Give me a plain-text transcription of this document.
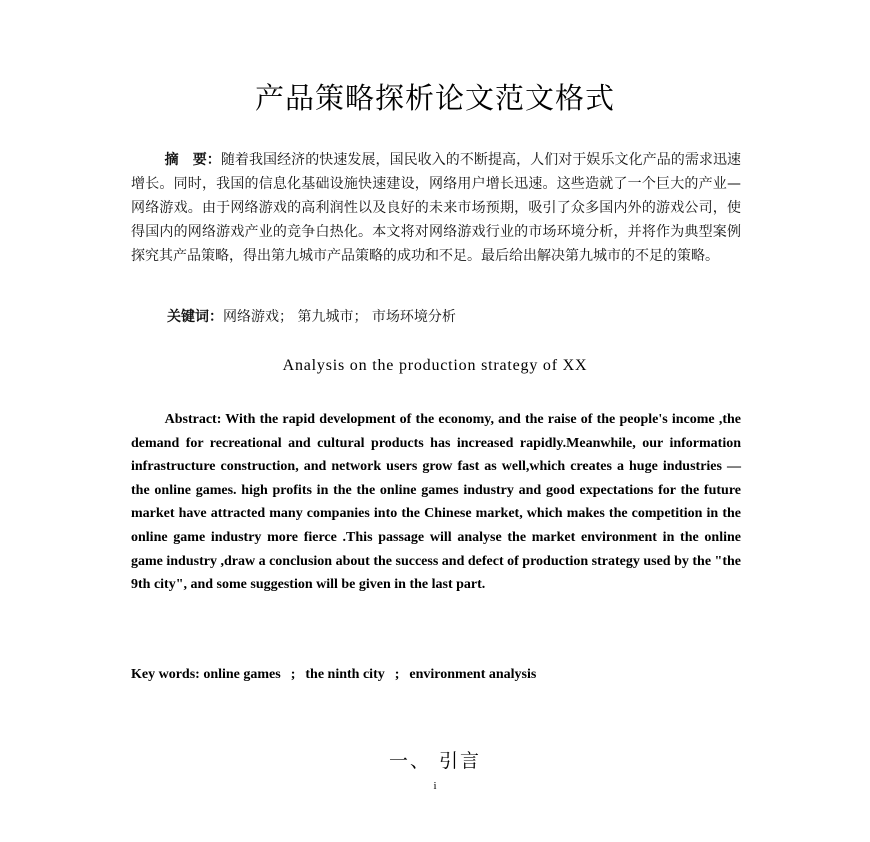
产品策略探析论文范文格式
摘　要：随着我国经济的快速发展，国民收入的不断提高，人们对于娱乐文化产品的需求迅速增长。同时，我国的信息化基础设施快速建设，网络用户增长迅速。这些造就了一个巨大的产业—网络游戏。由于网络游戏的高利润性以及良好的未来市场预期，吸引了众多国内外的游戏公司，使得国内的网络游戏产业的竞争白热化。本文将对网络游戏行业的市场环境分析，并将作为典型案例探究其产品策略，得出第九城市产品策略的成功和不足。最后给出解决第九城市的不足的策略。
关键词：网络游戏； 第九城市； 市场环境分析
Analysis on the production strategy of XX
Abstract: With the rapid development of the economy, and the raise of the people's income ,the demand for recreational and cultural products has increased rapidly.Meanwhile, our information infrastructure construction, and network users grow fast as well,which creates a huge industries — the online games. high profits in the the online games industry and good expectations for the future market have attracted many companies into the Chinese market, which makes the competition in the online game industry more fierce .This passage will analyse the market environment in the online game industry ,draw a conclusion about the success and defect of production strategy used by the "the 9th city", and some suggestion will be given in the last part.
Key words: online games ; the ninth city ; environment analysis
一、 引言
i
